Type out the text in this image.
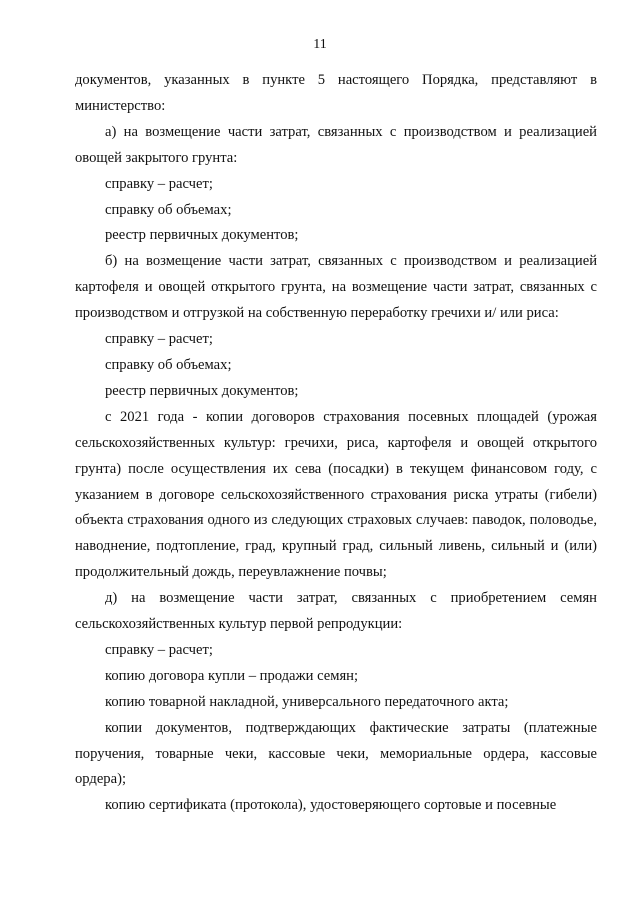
11

документов, указанных в пункте 5 настоящего Порядка, представляют в министерство:

а) на возмещение части затрат, связанных с производством и реализацией овощей закрытого грунта:

справку – расчет;

справку об объемах;

реестр первичных документов;

б) на возмещение части затрат, связанных с производством и реализацией картофеля и овощей открытого грунта, на возмещение части затрат, связанных с производством и отгрузкой на собственную переработку гречихи и/ или риса:

справку – расчет;

справку об объемах;

реестр первичных документов;

с 2021 года - копии договоров страхования посевных площадей (урожая сельскохозяйственных культур: гречихи, риса, картофеля и овощей открытого грунта) после осуществления их сева (посадки) в текущем финансовом году, с указанием в договоре сельскохозяйственного страхования риска утраты (гибели) объекта страхования одного из следующих страховых случаев: паводок, половодье, наводнение, подтопление, град, крупный град, сильный ливень, сильный и (или) продолжительный дождь, переувлажнение почвы;

д) на возмещение части затрат, связанных с приобретением семян сельскохозяйственных культур первой репродукции:

справку – расчет;

копию договора купли – продажи семян;

копию товарной накладной, универсального передаточного акта;

копии документов, подтверждающих фактические затраты (платежные поручения, товарные чеки, кассовые чеки, мемориальные ордера, кассовые ордера);

копию сертификата (протокола), удостоверяющего сортовые и посевные
